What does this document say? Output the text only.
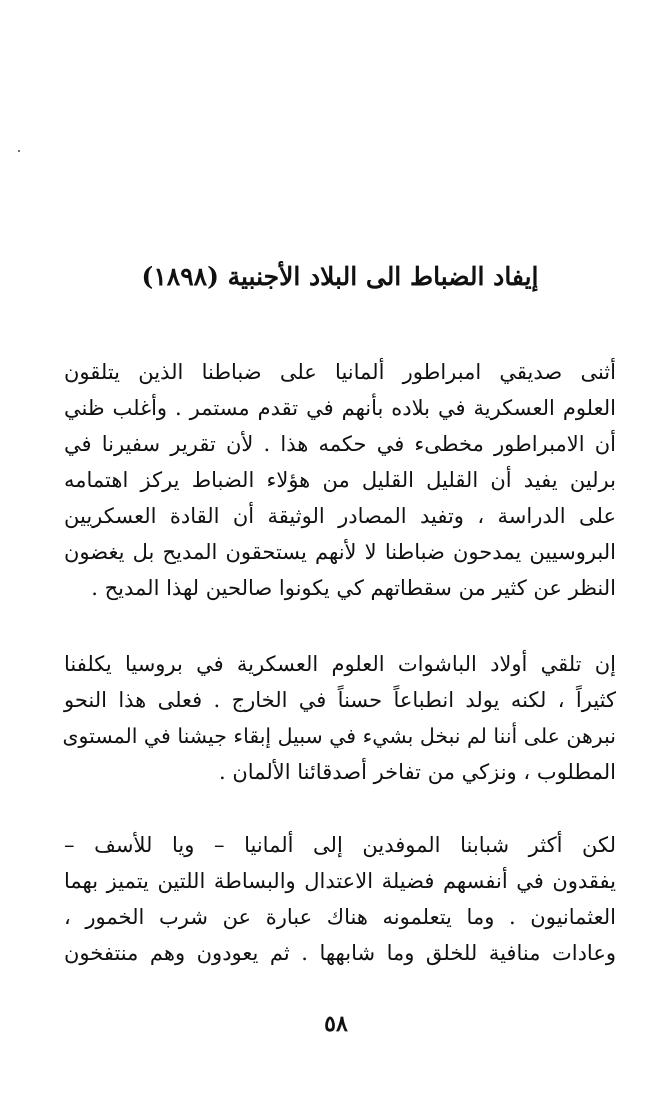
إيفاد الضباط الى البلاد الأجنبية (١٨٩٨)
أثنى صديقي امبراطور ألمانيا على ضباطنا الذين يتلقون
العلوم العسكرية في بلاده بأنهم في تقدم مستمر . وأغلب ظني
أن الامبراطور مخطىء في حكمه هذا . لأن تقرير سفيرنا في
برلين يفيد أن القليل القليل من هؤلاء الضباط يركز اهتمامه
على الدراسة ، وتفيد المصادر الوثيقة أن القادة العسكريين
البروسيين يمدحون ضباطنا لا لأنهم يستحقون المديح بل يغضون
النظر عن كثير من سقطاتهم كي يكونوا صالحين لهذا المديح .
إن تلقي أولاد الباشوات العلوم العسكرية في بروسيا يكلفنا
كثيراً ، لكنه يولد انطباعاً حسناً في الخارج . فعلى هذا النحو
نبرهن على أننا لم نبخل بشيء في سبيل إبقاء جيشنا في المستوى
المطلوب ، ونزكي من تفاخر أصدقائنا الألمان .
لكن أكثر شبابنا الموفدين إلى ألمانيا – ويا للأسف –
يفقدون في أنفسهم فضيلة الاعتدال والبساطة اللتين يتميز بهما
العثمانيون . وما يتعلمونه هناك عبارة عن شرب الخمور ،
وعادات منافية للخلق وما شابهها . ثم يعودون وهم منتفخون
٥٨
